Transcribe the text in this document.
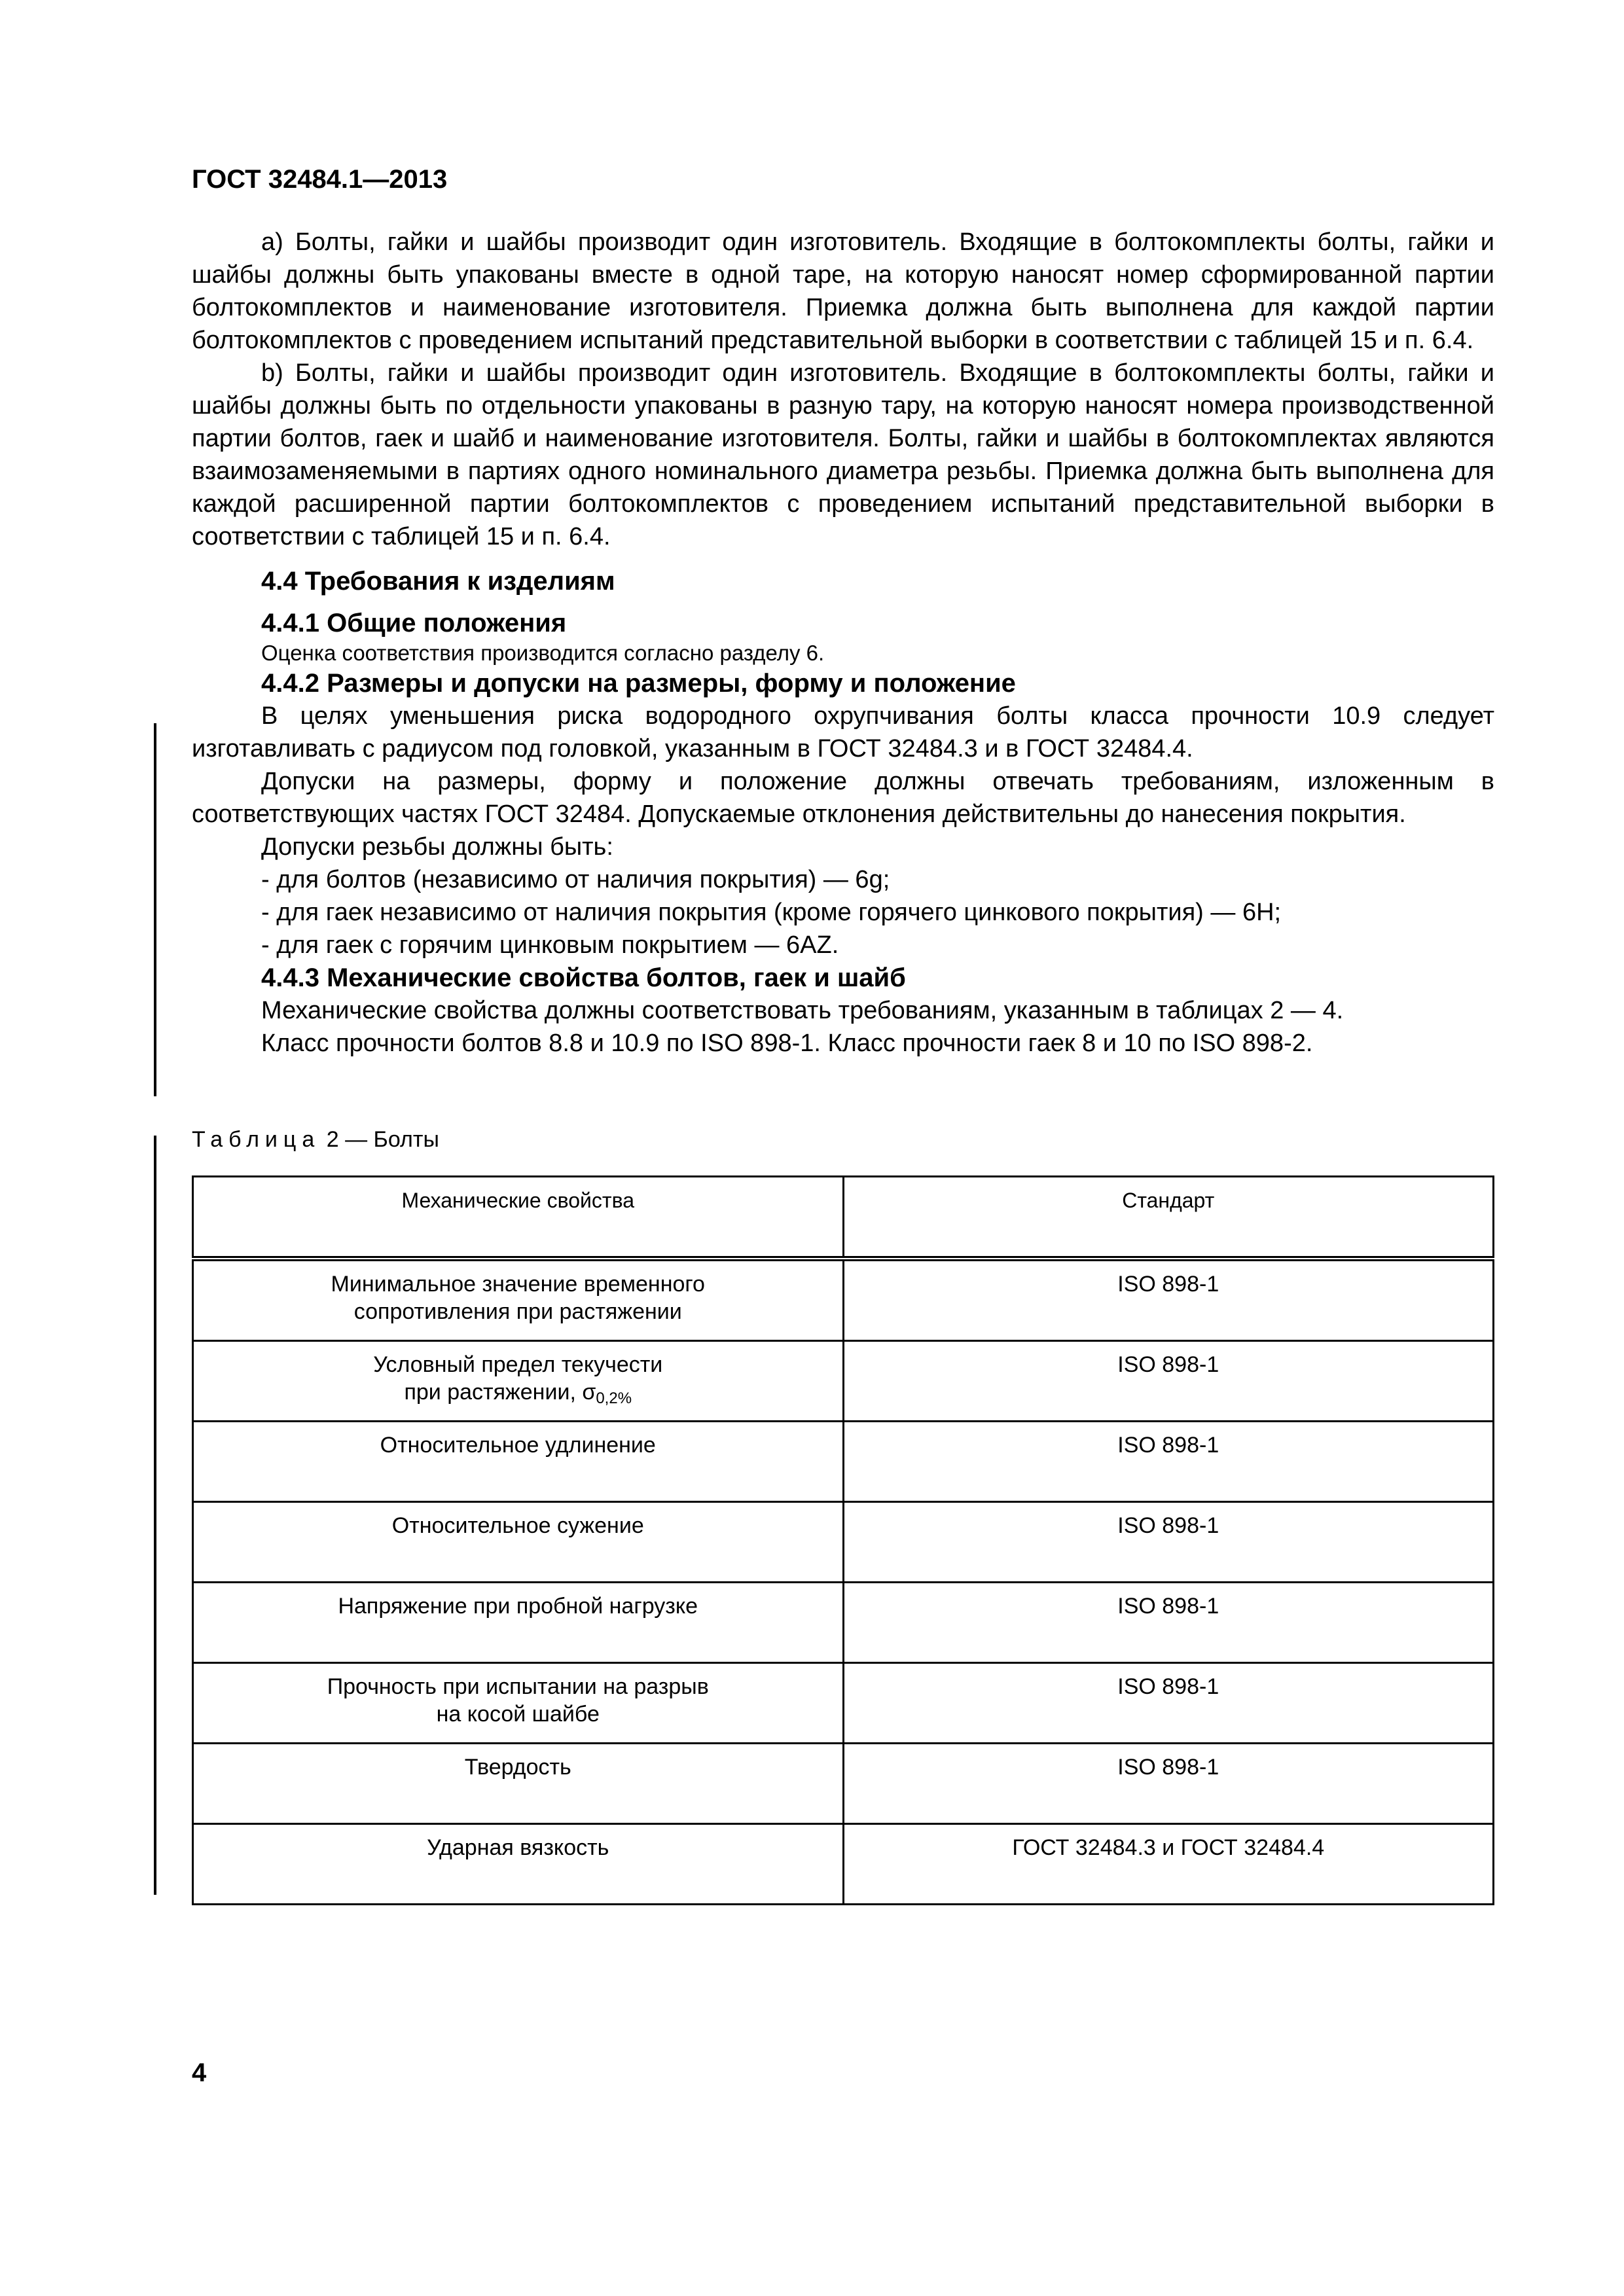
ГОСТ 32484.1—2013

a) Болты, гайки и шайбы производит один изготовитель. Входящие в болтокомплекты болты, гайки и шайбы должны быть упакованы вместе в одной таре, на которую наносят номер сформированной партии болтокомплектов и наименование изготовителя. Приемка должна быть выполнена для каждой партии болтокомплектов с проведением испытаний представительной выборки в соответствии с таблицей 15 и п. 6.4.

b) Болты, гайки и шайбы производит один изготовитель. Входящие в болтокомплекты болты, гайки и шайбы должны быть по отдельности упакованы в разную тару, на которую наносят номера производственной партии болтов, гаек и шайб и наименование изготовителя. Болты, гайки и шайбы в болтокомплектах являются взаимозаменяемыми в партиях одного номинального диаметра резьбы. Приемка должна быть выполнена для каждой расширенной партии болтокомплектов с проведением испытаний представительной выборки в соответствии с таблицей 15 и п. 6.4.

4.4 Требования к изделиям
4.4.1 Общие положения
Оценка соответствия производится согласно разделу 6.
4.4.2 Размеры и допуски на размеры, форму и положение

В целях уменьшения риска водородного охрупчивания болты класса прочности 10.9 следует изготавливать с радиусом под головкой, указанным в ГОСТ 32484.3 и в ГОСТ 32484.4.

Допуски на размеры, форму и положение должны отвечать требованиям, изложенным в соответствующих частях ГОСТ 32484. Допускаемые отклонения действительны до нанесения покрытия.

Допуски резьбы должны быть:
- для болтов (независимо от наличия покрытия) — 6g;
- для гаек независимо от наличия покрытия (кроме горячего цинкового покрытия) — 6H;
- для гаек с горячим цинковым покрытием — 6AZ.
4.4.3 Механические свойства болтов, гаек и шайб
Механические свойства должны соответствовать требованиям, указанным в таблицах 2 — 4.
Класс прочности болтов 8.8 и 10.9 по ISO 898-1. Класс прочности гаек 8 и 10 по ISO 898-2.
Таблица 2 — Болты
Механические свойства	Стандарт

Минимальное значение временного
сопротивления при растяжении	ISO 898-1

Условный предел текучести
при растяжении, $\sigma_{0,2\%}$	ISO 898-1
Относительное удлинение	ISO 898-1
Относительное сужение	ISO 898-1
Напряжение при пробной нагрузке	ISO 898-1

Прочность при испытании на разрыв
на косой шайбе	ISO 898-1
Твердость	ISO 898-1
Ударная вязкость	ГОСТ 32484.3 и ГОСТ 32484.4
4
